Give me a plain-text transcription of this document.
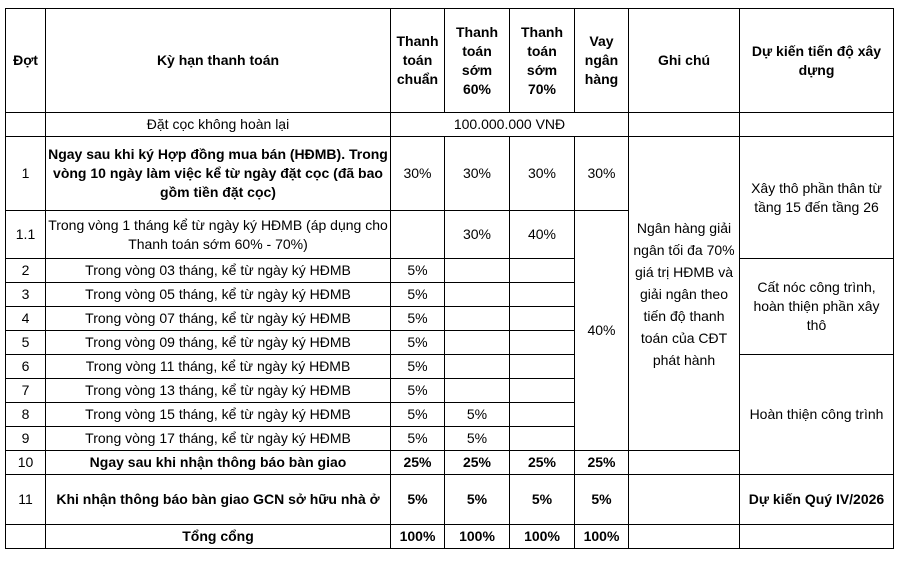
Đợt	Kỳ hạn thanh toán	Thanh toán chuẩn	Thanh toán sớm 60%	Thanh toán sớm 70%	Vay ngân hàng	Ghi chú	Dự kiến tiến độ xây dựng
	Đặt cọc không hoàn lại	100.000.000 VNĐ					
1	Ngay sau khi ký Hợp đồng mua bán (HĐMB). Trong vòng 10 ngày làm việc kể từ ngày đặt cọc (đã bao gồm tiền đặt cọc)	30%	30%	30%	30%	Ngân hàng giải ngân tối đa 70% giá trị HĐMB và giải ngân theo tiến độ thanh toán của CĐT phát hành	Xây thô phần thân từ tầng 15 đến tầng 26
1.1	Trong vòng 1 tháng kể từ ngày ký HĐMB (áp dụng cho Thanh toán sớm 60% - 70%)		30%	40%	40%		
2	Trong vòng 03 tháng, kể từ ngày ký HĐMB	5%					Cất nóc công trình, hoàn thiện phần xây thô
3	Trong vòng 05 tháng, kể từ ngày ký HĐMB	5%					
4	Trong vòng 07 tháng, kể từ ngày ký HĐMB	5%					
5	Trong vòng 09 tháng, kể từ ngày ký HĐMB	5%					
6	Trong vòng 11 tháng, kể từ ngày ký HĐMB	5%					Hoàn thiện công trình
7	Trong vòng 13 tháng, kể từ ngày ký HĐMB	5%					
8	Trong vòng 15 tháng, kể từ ngày ký HĐMB	5%	5%				
9	Trong vòng 17 tháng, kể từ ngày ký HĐMB	5%	5%				
10	Ngay sau khi nhận thông báo bàn giao	25%	25%	25%	25%		
11	Khi nhận thông báo bàn giao GCN sở hữu nhà ở	5%	5%	5%	5%		Dự kiến Quý IV/2026
	Tổng cổng	100%	100%	100%	100%		
